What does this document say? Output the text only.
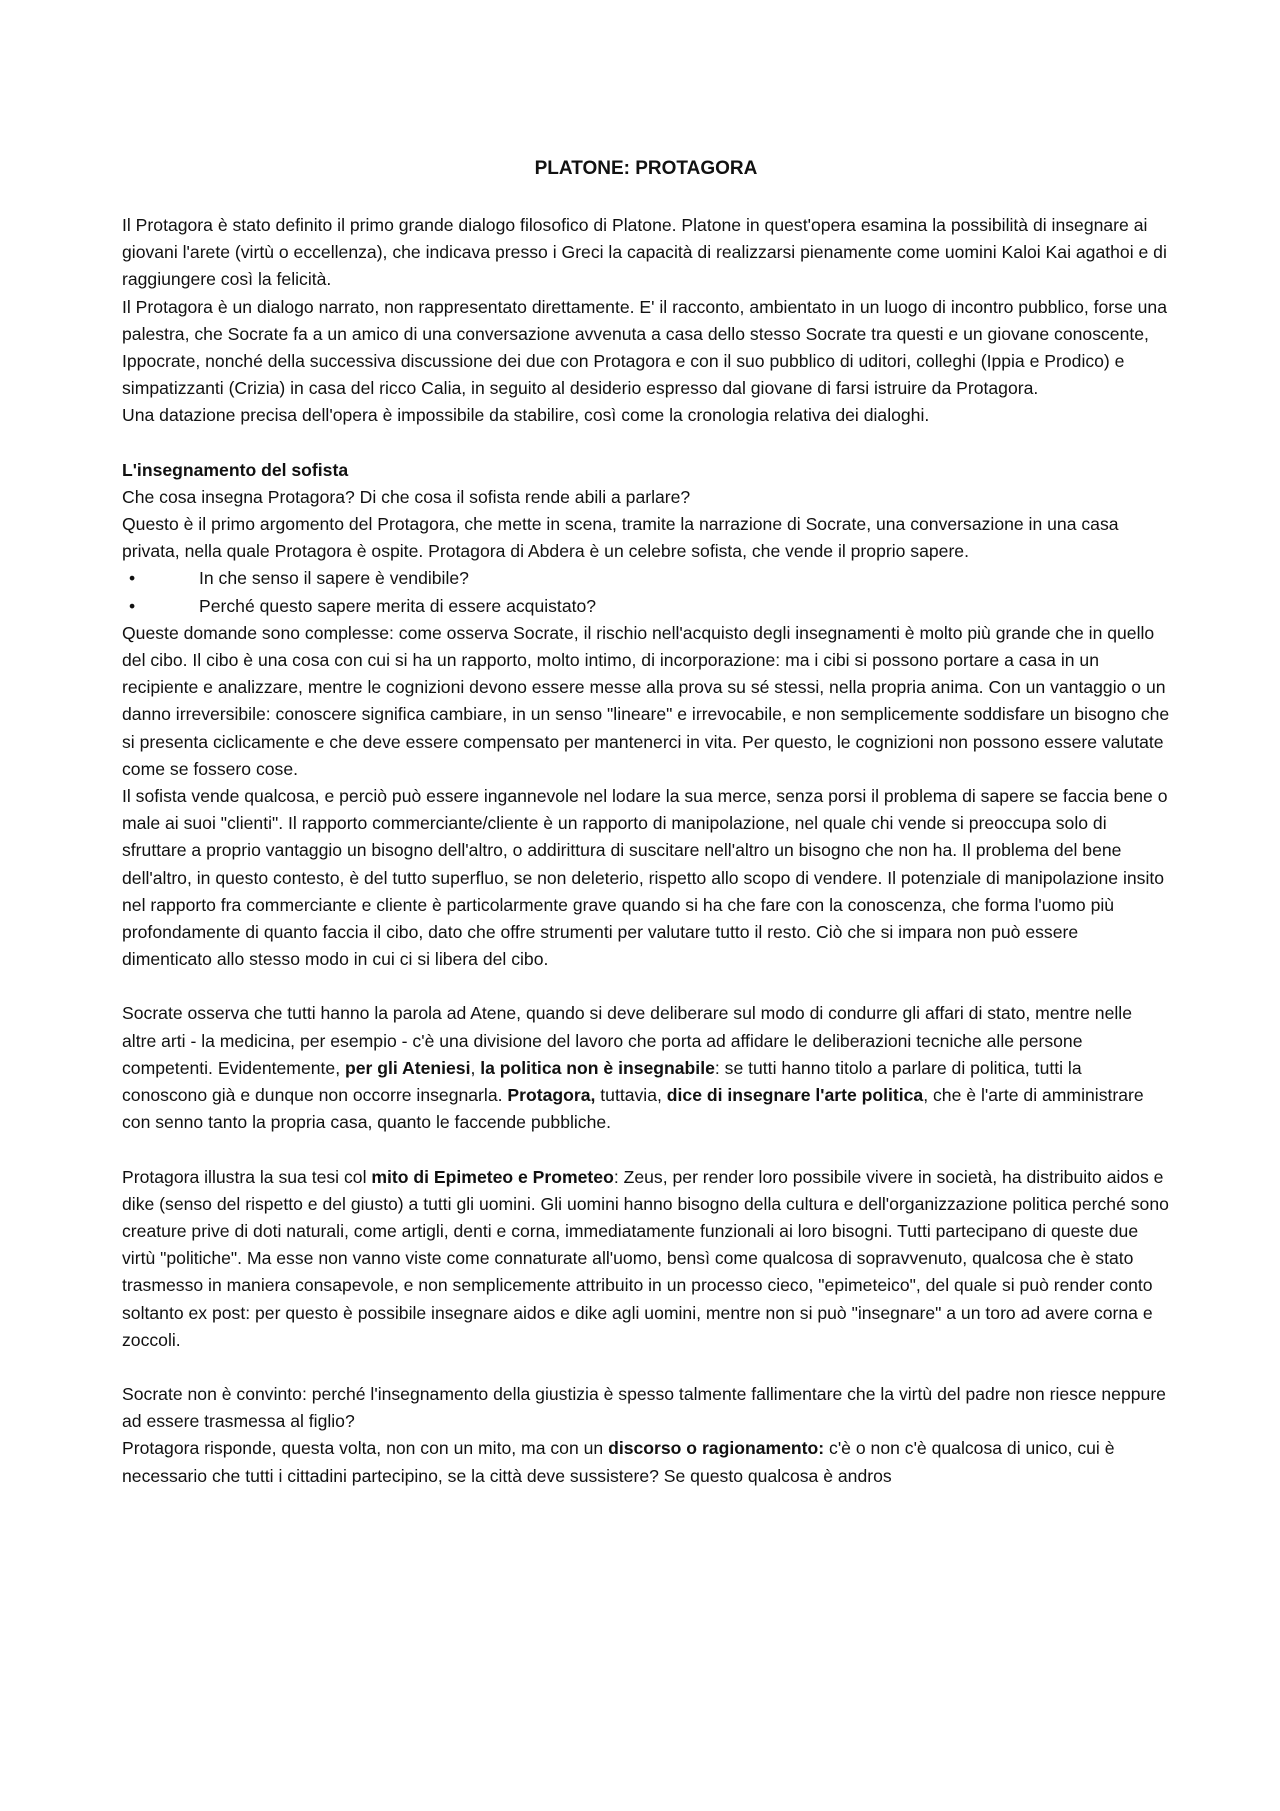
PLATONE: PROTAGORA

Il Protagora è stato definito il primo grande dialogo filosofico di Platone. Platone in quest'opera esamina la possibilità di insegnare ai giovani l'arete (virtù o eccellenza), che indicava presso i Greci la capacità di realizzarsi pienamente come uomini Kaloi Kai agathoi e di raggiungere così la felicità.

Il Protagora è un dialogo narrato, non rappresentato direttamente. E' il racconto, ambientato in un luogo di incontro pubblico, forse una palestra, che Socrate fa a un amico di una conversazione avvenuta a casa dello stesso Socrate tra questi e un giovane conoscente, Ippocrate, nonché della successiva discussione dei due con Protagora e con il suo pubblico di uditori, colleghi (Ippia e Prodico) e simpatizzanti (Crizia) in casa del ricco Calia, in seguito al desiderio espresso dal giovane di farsi istruire da Protagora.

Una datazione precisa dell'opera è impossibile da stabilire, così come la cronologia relativa dei dialoghi.

L'insegnamento del sofista

Che cosa insegna Protagora? Di che cosa il sofista rende abili a parlare?

Questo è il primo argomento del Protagora, che mette in scena, tramite la narrazione di Socrate, una conversazione in una casa privata, nella quale Protagora è ospite. Protagora di Abdera è un celebre sofista, che vende il proprio sapere.

•	In che senso il sapere è vendibile?
•	Perché questo sapere merita di essere acquistato?

Queste domande sono complesse: come osserva Socrate, il rischio nell'acquisto degli insegnamenti è molto più grande che in quello del cibo. Il cibo è una cosa con cui si ha un rapporto, molto intimo, di incorporazione: ma i cibi si possono portare a casa in un recipiente e analizzare, mentre le cognizioni devono essere messe alla prova su sé stessi, nella propria anima. Con un vantaggio o un danno irreversibile: conoscere significa cambiare, in un senso "lineare" e irrevocabile, e non semplicemente soddisfare un bisogno che si presenta ciclicamente e che deve essere compensato per mantenerci in vita. Per questo, le cognizioni non possono essere valutate come se fossero cose.

Il sofista vende qualcosa, e perciò può essere ingannevole nel lodare la sua merce, senza porsi il problema di sapere se faccia bene o male ai suoi "clienti". Il rapporto commerciante/cliente è un rapporto di manipolazione, nel quale chi vende si preoccupa solo di sfruttare a proprio vantaggio un bisogno dell'altro, o addirittura di suscitare nell'altro un bisogno che non ha. Il problema del bene dell'altro, in questo contesto, è del tutto superfluo, se non deleterio, rispetto allo scopo di vendere. Il potenziale di manipolazione insito nel rapporto fra commerciante e cliente è particolarmente grave quando si ha che fare con la conoscenza, che forma l'uomo più profondamente di quanto faccia il cibo, dato che offre strumenti per valutare tutto il resto. Ciò che si impara non può essere dimenticato allo stesso modo in cui ci si libera del cibo.

Socrate osserva che tutti hanno la parola ad Atene, quando si deve deliberare sul modo di condurre gli affari di stato, mentre nelle altre arti - la medicina, per esempio - c'è una divisione del lavoro che porta ad affidare le deliberazioni tecniche alle persone competenti. Evidentemente, per gli Ateniesi, la politica non è insegnabile: se tutti hanno titolo a parlare di politica, tutti la conoscono già e dunque non occorre insegnarla. Protagora, tuttavia, dice di insegnare l'arte politica, che è l'arte di amministrare con senno tanto la propria casa, quanto le faccende pubbliche.

Protagora illustra la sua tesi col mito di Epimeteo e Prometeo: Zeus, per render loro possibile vivere in società, ha distribuito aidos e dike (senso del rispetto e del giusto) a tutti gli uomini. Gli uomini hanno bisogno della cultura e dell'organizzazione politica perché sono creature prive di doti naturali, come artigli, denti e corna, immediatamente funzionali ai loro bisogni. Tutti partecipano di queste due virtù "politiche". Ma esse non vanno viste come connaturate all'uomo, bensì come qualcosa di sopravvenuto, qualcosa che è stato trasmesso in maniera consapevole, e non semplicemente attribuito in un processo cieco, "epimeteico", del quale si può render conto soltanto ex post: per questo è possibile insegnare aidos e dike agli uomini, mentre non si può "insegnare" a un toro ad avere corna e zoccoli.

Socrate non è convinto: perché l'insegnamento della giustizia è spesso talmente fallimentare che la virtù del padre non riesce neppure ad essere trasmessa al figlio?

Protagora risponde, questa volta, non con un mito, ma con un discorso o ragionamento: c'è o non c'è qualcosa di unico, cui è necessario che tutti i cittadini partecipino, se la città deve sussistere? Se questo qualcosa è andros
